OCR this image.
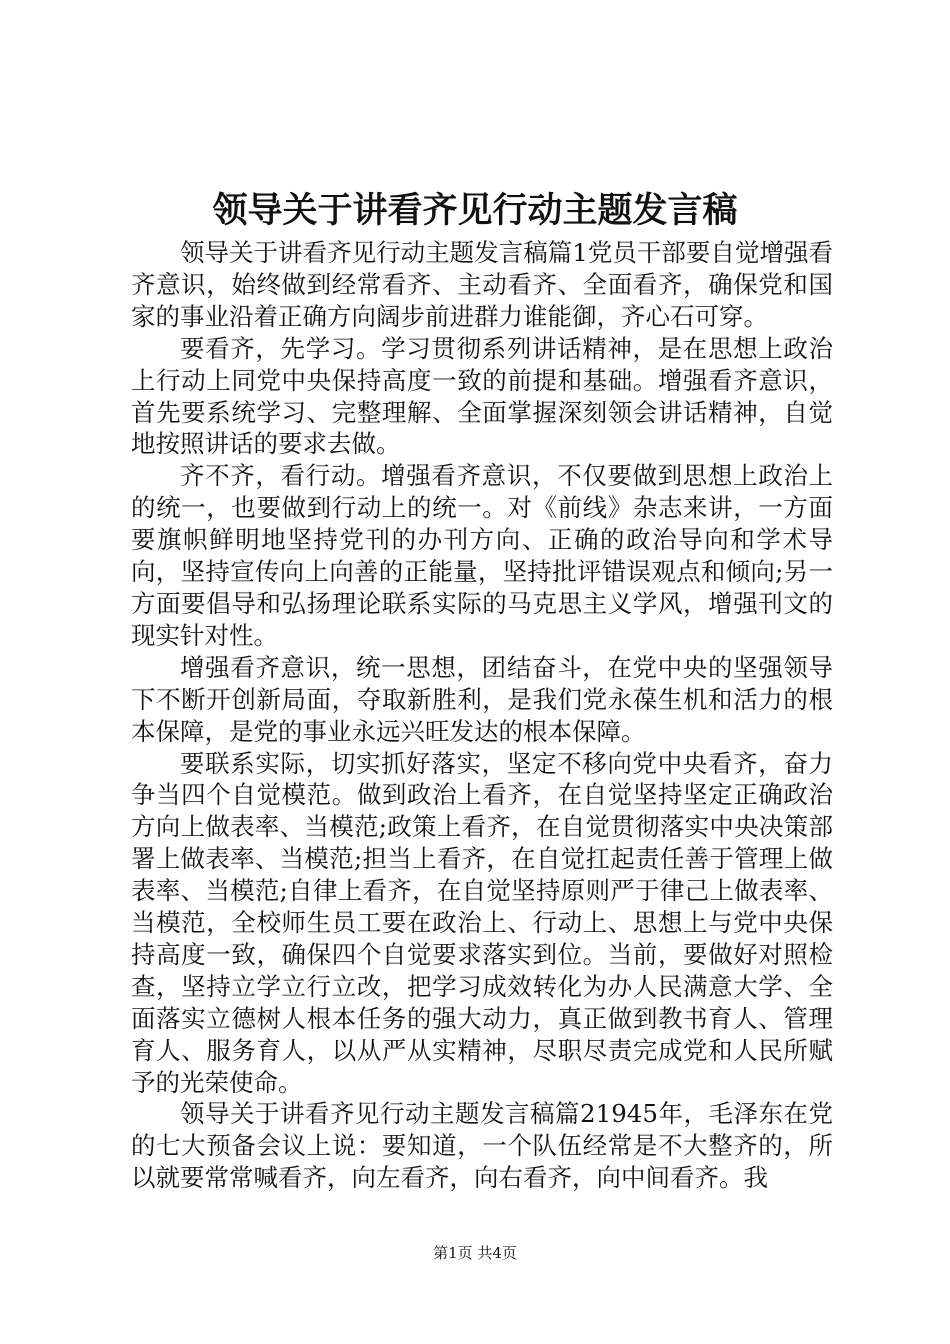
领导关于讲看齐见行动主题发言稿

领导关于讲看齐见行动主题发言稿篇1党员干部要自觉增强看齐意识，始终做到经常看齐、主动看齐、全面看齐，确保党和国家的事业沿着正确方向阔步前进群力谁能御，齐心石可穿。

要看齐，先学习。学习贯彻系列讲话精神，是在思想上政治上行动上同党中央保持高度一致的前提和基础。增强看齐意识，首先要系统学习、完整理解、全面掌握深刻领会讲话精神，自觉地按照讲话的要求去做。

齐不齐，看行动。增强看齐意识，不仅要做到思想上政治上的统一，也要做到行动上的统一。对《前线》杂志来讲，一方面要旗帜鲜明地坚持党刊的办刊方向、正确的政治导向和学术导向，坚持宣传向上向善的正能量，坚持批评错误观点和倾向;另一方面要倡导和弘扬理论联系实际的马克思主义学风，增强刊文的现实针对性。

增强看齐意识，统一思想，团结奋斗，在党中央的坚强领导下不断开创新局面，夺取新胜利，是我们党永葆生机和活力的根本保障，是党的事业永远兴旺发达的根本保障。

要联系实际，切实抓好落实，坚定不移向党中央看齐，奋力争当四个自觉模范。做到政治上看齐，在自觉坚持坚定正确政治方向上做表率、当模范;政策上看齐，在自觉贯彻落实中央决策部署上做表率、当模范;担当上看齐，在自觉扛起责任善于管理上做表率、当模范;自律上看齐，在自觉坚持原则严于律己上做表率、当模范，全校师生员工要在政治上、行动上、思想上与党中央保持高度一致，确保四个自觉要求落实到位。当前，要做好对照检查，坚持立学立行立改，把学习成效转化为办人民满意大学、全面落实立德树人根本任务的强大动力，真正做到教书育人、管理育人、服务育人，以从严从实精神，尽职尽责完成党和人民所赋予的光荣使命。

领导关于讲看齐见行动主题发言稿篇21945年，毛泽东在党的七大预备会议上说：要知道，一个队伍经常是不大整齐的，所以就要常常喊看齐，向左看齐，向右看齐，向中间看齐。我

第1页 共4页
